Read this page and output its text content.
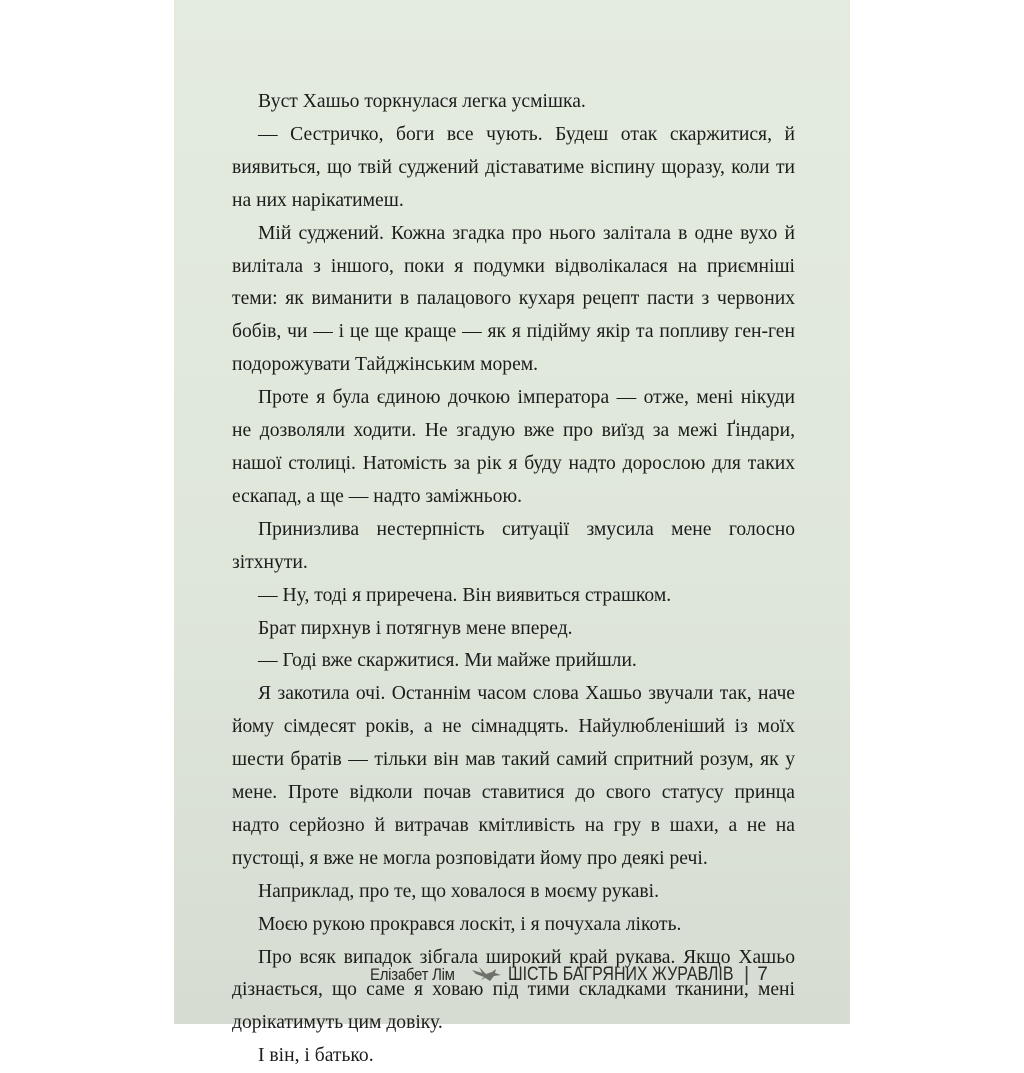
Вуст Хашьо торкнулася легка усмішка.

— Сестричко, боги все чують. Будеш отак скаржитися, й виявиться, що твій суджений діставатиме віспину щоразу, коли ти на них нарікатимеш.

Мій суджений. Кожна згадка про нього залітала в одне вухо й вилітала з іншого, поки я подумки відволікалася на приємніші теми: як виманити в палацового кухаря рецепт пасти з червоних бобів, чи — і це ще краще — як я підійму якір та попливу ген-ген подорожувати Тайджінським морем.

Проте я була єдиною дочкою імператора — отже, мені нікуди не дозволяли ходити. Не згадую вже про виїзд за межі Ґіндари, нашої столиці. Натомість за рік я буду надто дорослою для таких ескапад, а ще — надто заміжньою.

Принизлива нестерпність ситуації змусила мене голосно зітхнути.

— Ну, тоді я приречена. Він виявиться страшком.

Брат пирхнув і потягнув мене вперед.

— Годі вже скаржитися. Ми майже прийшли.

Я закотила очі. Останнім часом слова Хашьо звучали так, наче йому сімдесят років, а не сімнадцять. Найулюбленіший із моїх шести братів — тільки він мав такий самий спритний розум, як у мене. Проте відколи почав ставитися до свого статусу принца надто серйозно й витрачав кмітливість на гру в шахи, а не на пустощі, я вже не могла розповідати йому про деякі речі.

Наприклад, про те, що ховалося в моєму рукаві.

Моєю рукою прокрався лоскіт, і я почухала лікоть.

Про всяк випадок зібгала широкий край рукава. Якщо Хашьо дізнається, що саме я ховаю під тими складками тканини, мені дорікатимуть цим довіку.

І він, і батько.

Елізабет Лім	ШІСТЬ БАГРЯНИХ ЖУРАВЛІВ | 7
